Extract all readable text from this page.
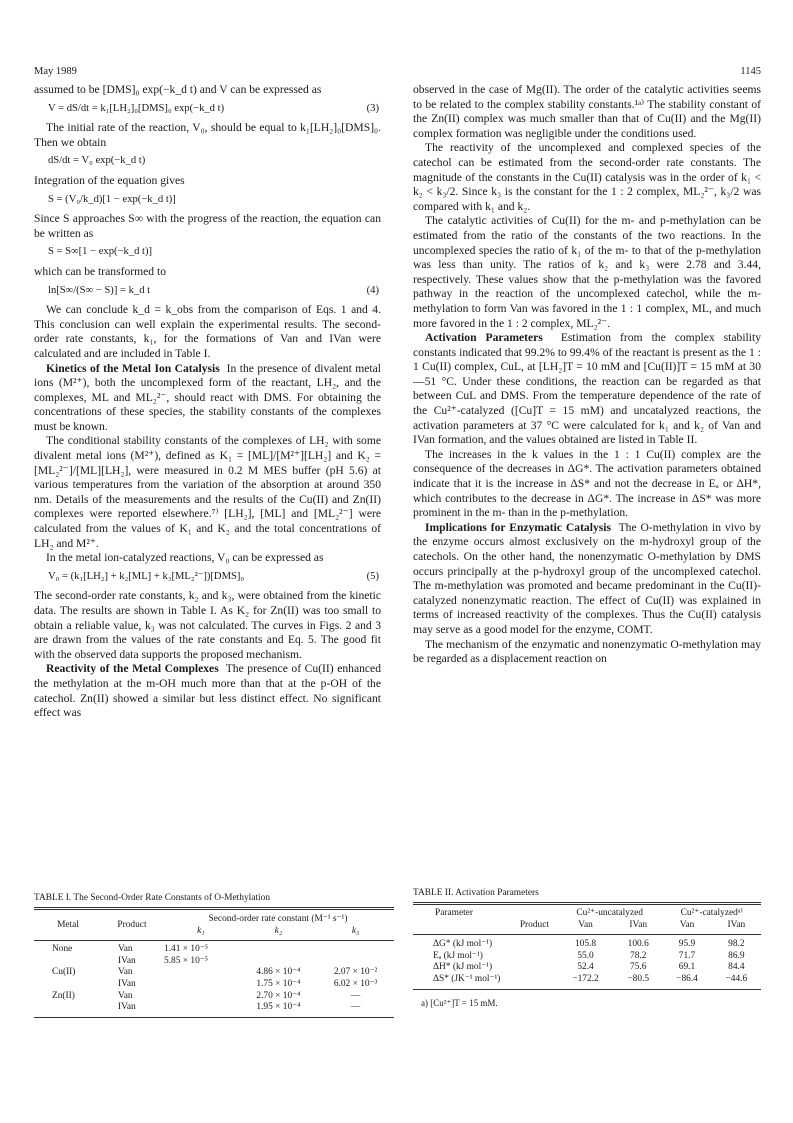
May 1989	1145

assumed to be [DMS]₀ exp(−k_d t) and V can be expressed as

V = dS/dt = k₁[LH₂]₀[DMS]₀ exp(−k_d t)	(3)

The initial rate of the reaction, V₀, should be equal to k₁[LH₂]₀[DMS]₀. Then we obtain

dS/dt = V₀ exp(−k_d t)

Integration of the equation gives

S = (V₀/k_d)[1 − exp(−k_d t)]

Since S approaches S∞ with the progress of the reaction, the equation can be written as

S = S∞[1 − exp(−k_d t)]

which can be transformed to

ln[S∞/(S∞ − S)] = k_d t	(4)

We can conclude k_d = k_obs from the comparison of Eqs. 1 and 4. This conclusion can well explain the experimental results. The second-order rate constants, k₁, for the formations of Van and IVan were calculated and are included in Table I.

Kinetics of the Metal Ion Catalysis In the presence of divalent metal ions (M²⁺), both the uncomplexed form of the reactant, LH₂, and the complexes, ML and ML₂²⁻, should react with DMS. For obtaining the concentrations of these species, the stability constants of the complexes must be known.

The conditional stability constants of the complexes of LH₂ with some divalent metal ions (M²⁺), defined as K₁ = [ML]/[M²⁺][LH₂] and K₂ = [ML₂²⁻]/[ML][LH₂], were measured in 0.2 M MES buffer (pH 5.6) at various temperatures from the variation of the absorption at around 350 nm. Details of the measurements and the results of the Cu(II) and Zn(II) complexes were reported elsewhere.⁷⁾ [LH₂], [ML] and [ML₂²⁻] were calculated from the values of K₁ and K₂ and the total concentrations of LH₂ and M²⁺.

In the metal ion-catalyzed reactions, V₀ can be expressed as

V₀ = (k₁[LH₂] + k₂[ML] + k₃[ML₂²⁻])[DMS]₀	(5)

The second-order rate constants, k₂ and k₃, were obtained from the kinetic data. The results are shown in Table I. As K₂ for Zn(II) was too small to obtain a reliable value, k₃ was not calculated. The curves in Figs. 2 and 3 are drawn from the values of the rate constants and Eq. 5. The good fit with the observed data supports the proposed mechanism.

Reactivity of the Metal Complexes The presence of Cu(II) enhanced the methylation at the m-OH much more than that at the p-OH of the catechol. Zn(II) showed a similar but less distinct effect. No significant effect was

observed in the case of Mg(II). The order of the catalytic activities seems to be related to the complex stability constants.¹ᵃ⁾ The stability constant of the Zn(II) complex was much smaller than that of Cu(II) and the Mg(II) complex formation was negligible under the conditions used.

The reactivity of the uncomplexed and complexed species of the catechol can be estimated from the second-order rate constants. The magnitude of the constants in the Cu(II) catalysis was in the order of k₁ < k₂ < k₃/2. Since k₃ is the constant for the 1 : 2 complex, ML₂²⁻, k₃/2 was compared with k₁ and k₂.

The catalytic activities of Cu(II) for the m- and p-methylation can be estimated from the ratio of the constants of the two reactions. In the uncomplexed species the ratio of k₁ of the m- to that of the p-methylation was less than unity. The ratios of k₂ and k₃ were 2.78 and 3.44, respectively. These values show that the p-methylation was the favored pathway in the reaction of the uncomplexed catechol, while the m-methylation to form Van was favored in the 1 : 1 complex, ML, and much more favored in the 1 : 2 complex, ML₂²⁻.

Activation Parameters Estimation from the complex stability constants indicated that 99.2% to 99.4% of the reactant is present as the 1 : 1 Cu(II) complex, CuL, at [LH₂]T = 10 mM and [Cu(II)]T = 15 mM at 30—51 °C. Under these conditions, the reaction can be regarded as that between CuL and DMS. From the temperature dependence of the rate of the Cu²⁺-catalyzed ([Cu]T = 15 mM) and uncatalyzed reactions, the activation parameters at 37 °C were calculated for k₁ and k₂ of Van and IVan formation, and the values obtained are listed in Table II.

The increases in the k values in the 1 : 1 Cu(II) complex are the consequence of the decreases in ΔG*. The activation parameters obtained indicate that it is the increase in ΔS* and not the decrease in Eₐ or ΔH*, which contributes to the decrease in ΔG*. The increase in ΔS* was more prominent in the m- than in the p-methylation.

Implications for Enzymatic Catalysis The O-methylation in vivo by the enzyme occurs almost exclusively on the m-hydroxyl group of the catechols. On the other hand, the nonenzymatic O-methylation by DMS occurs principally at the p-hydroxyl group of the uncomplexed catechol. The m-methylation was promoted and became predominant in the Cu(II)-catalyzed nonenzymatic reaction. The effect of Cu(II) was explained in terms of increased reactivity of the complexes. Thus the Cu(II) catalysis may serve as a good model for the enzyme, COMT.

The mechanism of the enzymatic and nonenzymatic O-methylation may be regarded as a displacement reaction on

TABLE I. The Second-Order Rate Constants of O-Methylation

Metal	Product	Second-order rate constant (M⁻¹ s⁻¹)		
		k₁	k₂	k₃

None	Van	1.41 × 10⁻⁵		
	IVan	5.85 × 10⁻⁵		
Cu(II)	Van		4.86 × 10⁻⁴	2.07 × 10⁻²
	IVan		1.75 × 10⁻⁴	6.02 × 10⁻³
Zn(II)	Van		2.70 × 10⁻⁴	—
	IVan		1.95 × 10⁻⁴	—

TABLE II. Activation Parameters

Parameter	Cu²⁺-uncatalyzed		Cu²⁺-catalyzedᵃ⁾	
Product	Van	IVan	Van	IVan

ΔG* (kJ mol⁻¹)	105.8	100.6	95.9	98.2
Eₐ (kJ mol⁻¹)	55.0	78.2	71.7	86.9
ΔH* (kJ mol⁻¹)	52.4	75.6	69.1	84.4
ΔS* (JK⁻¹ mol⁻¹)	−172.2	−80.5	−86.4	−44.6

a) [Cu²⁺]T = 15 mM.
